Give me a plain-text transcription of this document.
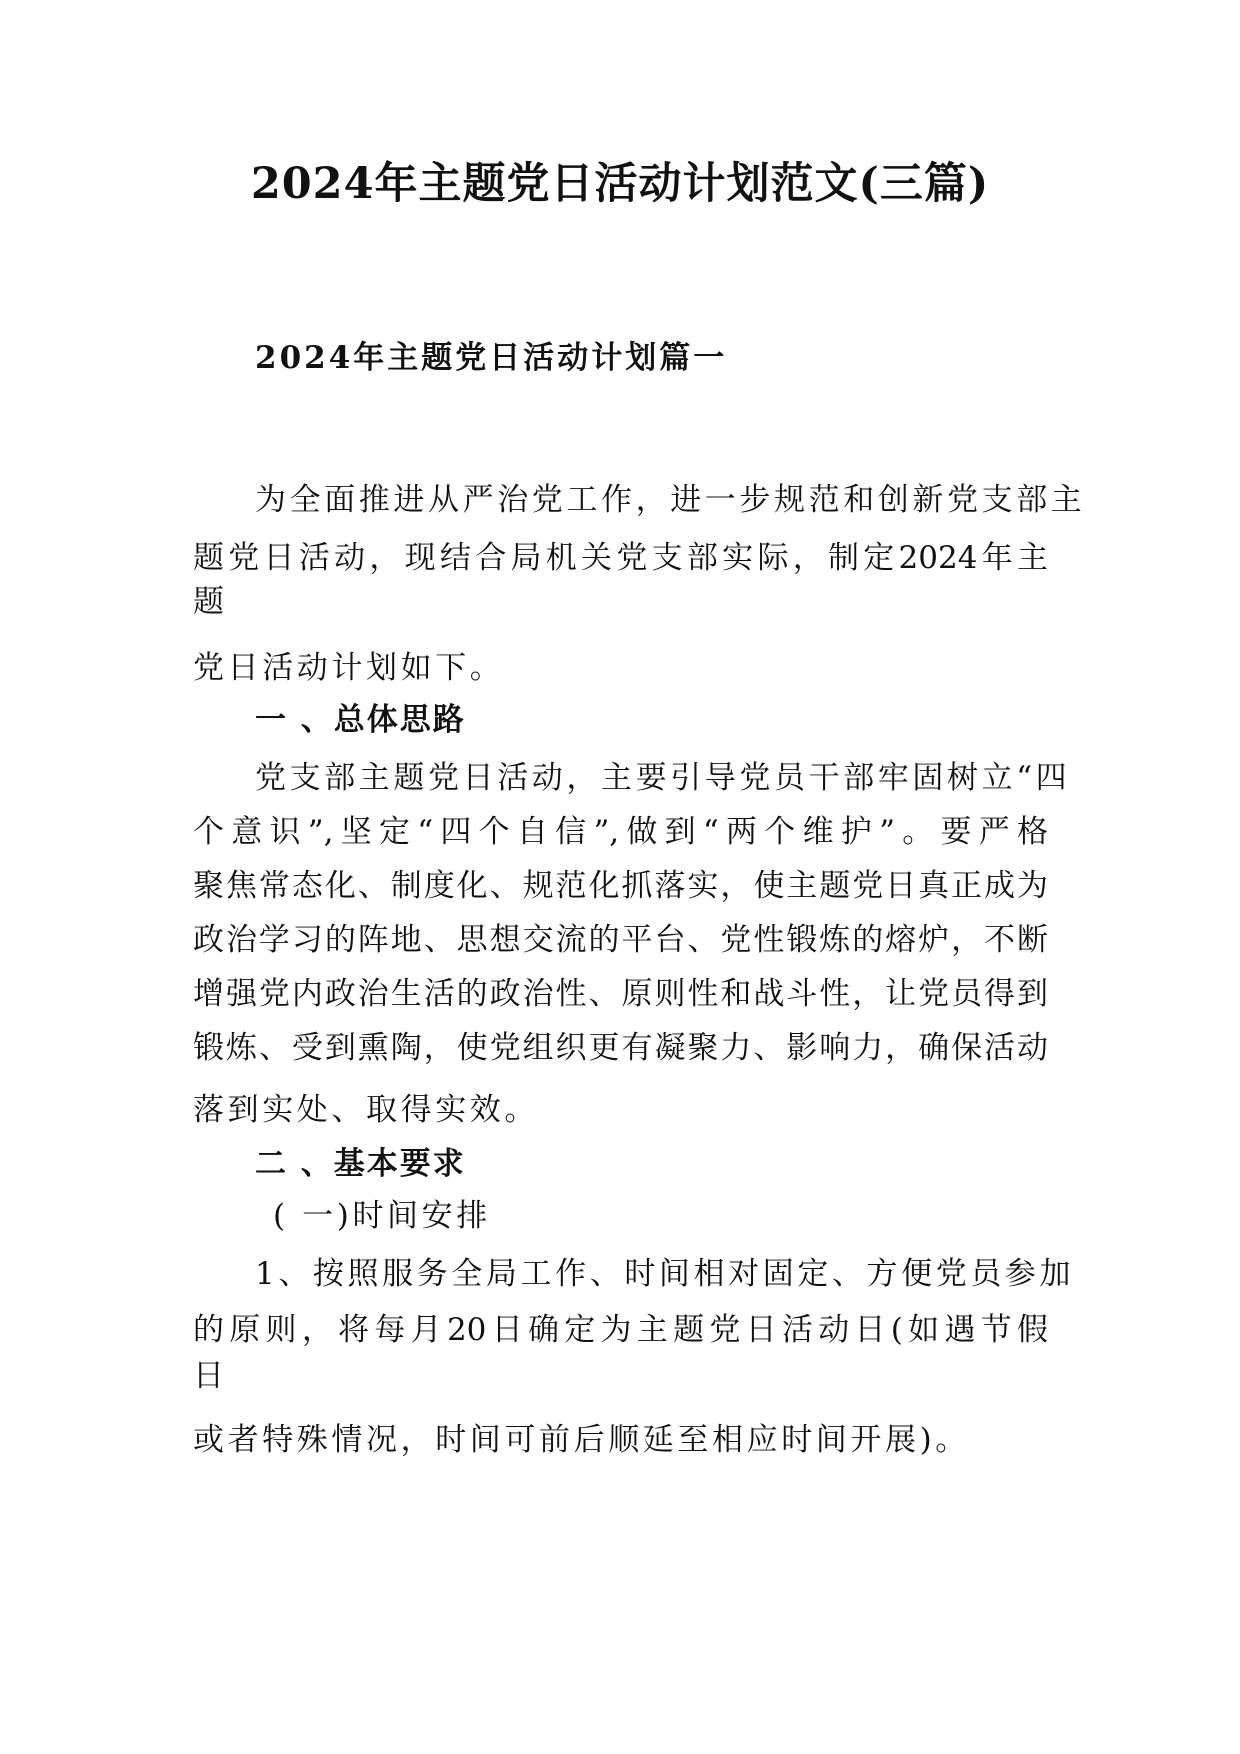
2024年主题党日活动计划范文(三篇)
2024年主题党日活动计划篇一
为全面推进从严治党工作，进一步规范和创新党支部主
题党日活动，现结合局机关党支部实际，制定2024年主
题
党日活动计划如下。
一 、总体思路
党支部主题党日活动，主要引导党员干部牢固树立“四
个意识”,坚定“四个自信”,做到“两个维护”。要严格
聚焦常态化、制度化、规范化抓落实，使主题党日真正成为
政治学习的阵地、思想交流的平台、党性锻炼的熔炉，不断
增强党内政治生活的政治性、原则性和战斗性，让党员得到
锻炼、受到熏陶，使党组织更有凝聚力、影响力，确保活动
落到实处、取得实效。
二 、基本要求
( 一)时间安排
1、按照服务全局工作、时间相对固定、方便党员参加
的原则，将每月20日确定为主题党日活动日(如遇节假
日
或者特殊情况，时间可前后顺延至相应时间开展)。
